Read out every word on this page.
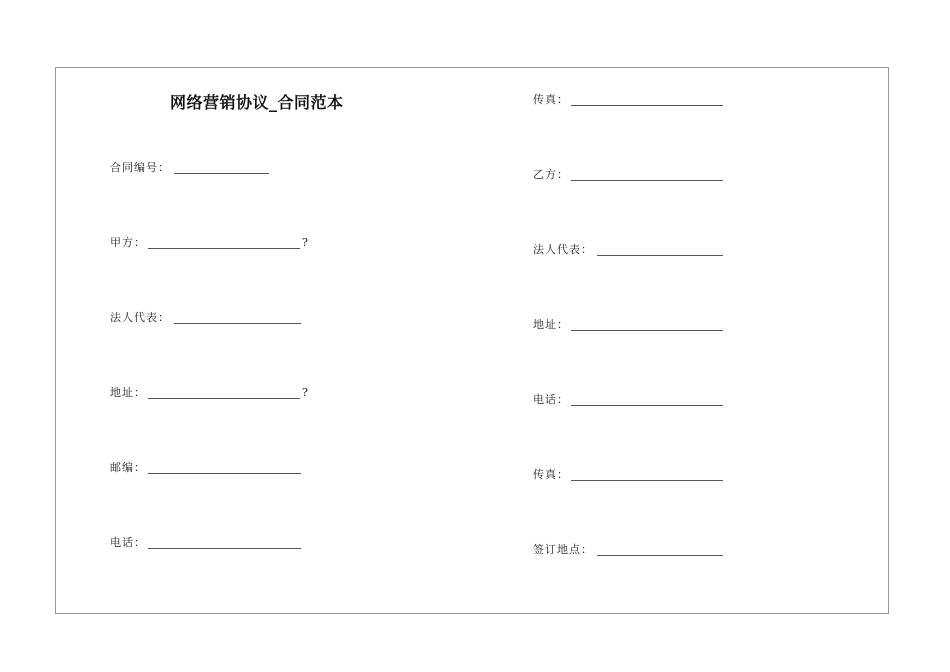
网络营销协议_合同范本
合同编号：
甲方：	?
法人代表：
地址：	?
邮编：
电话：
传真：
乙方：
法人代表：
地址：
电话：
传真：
签订地点：
